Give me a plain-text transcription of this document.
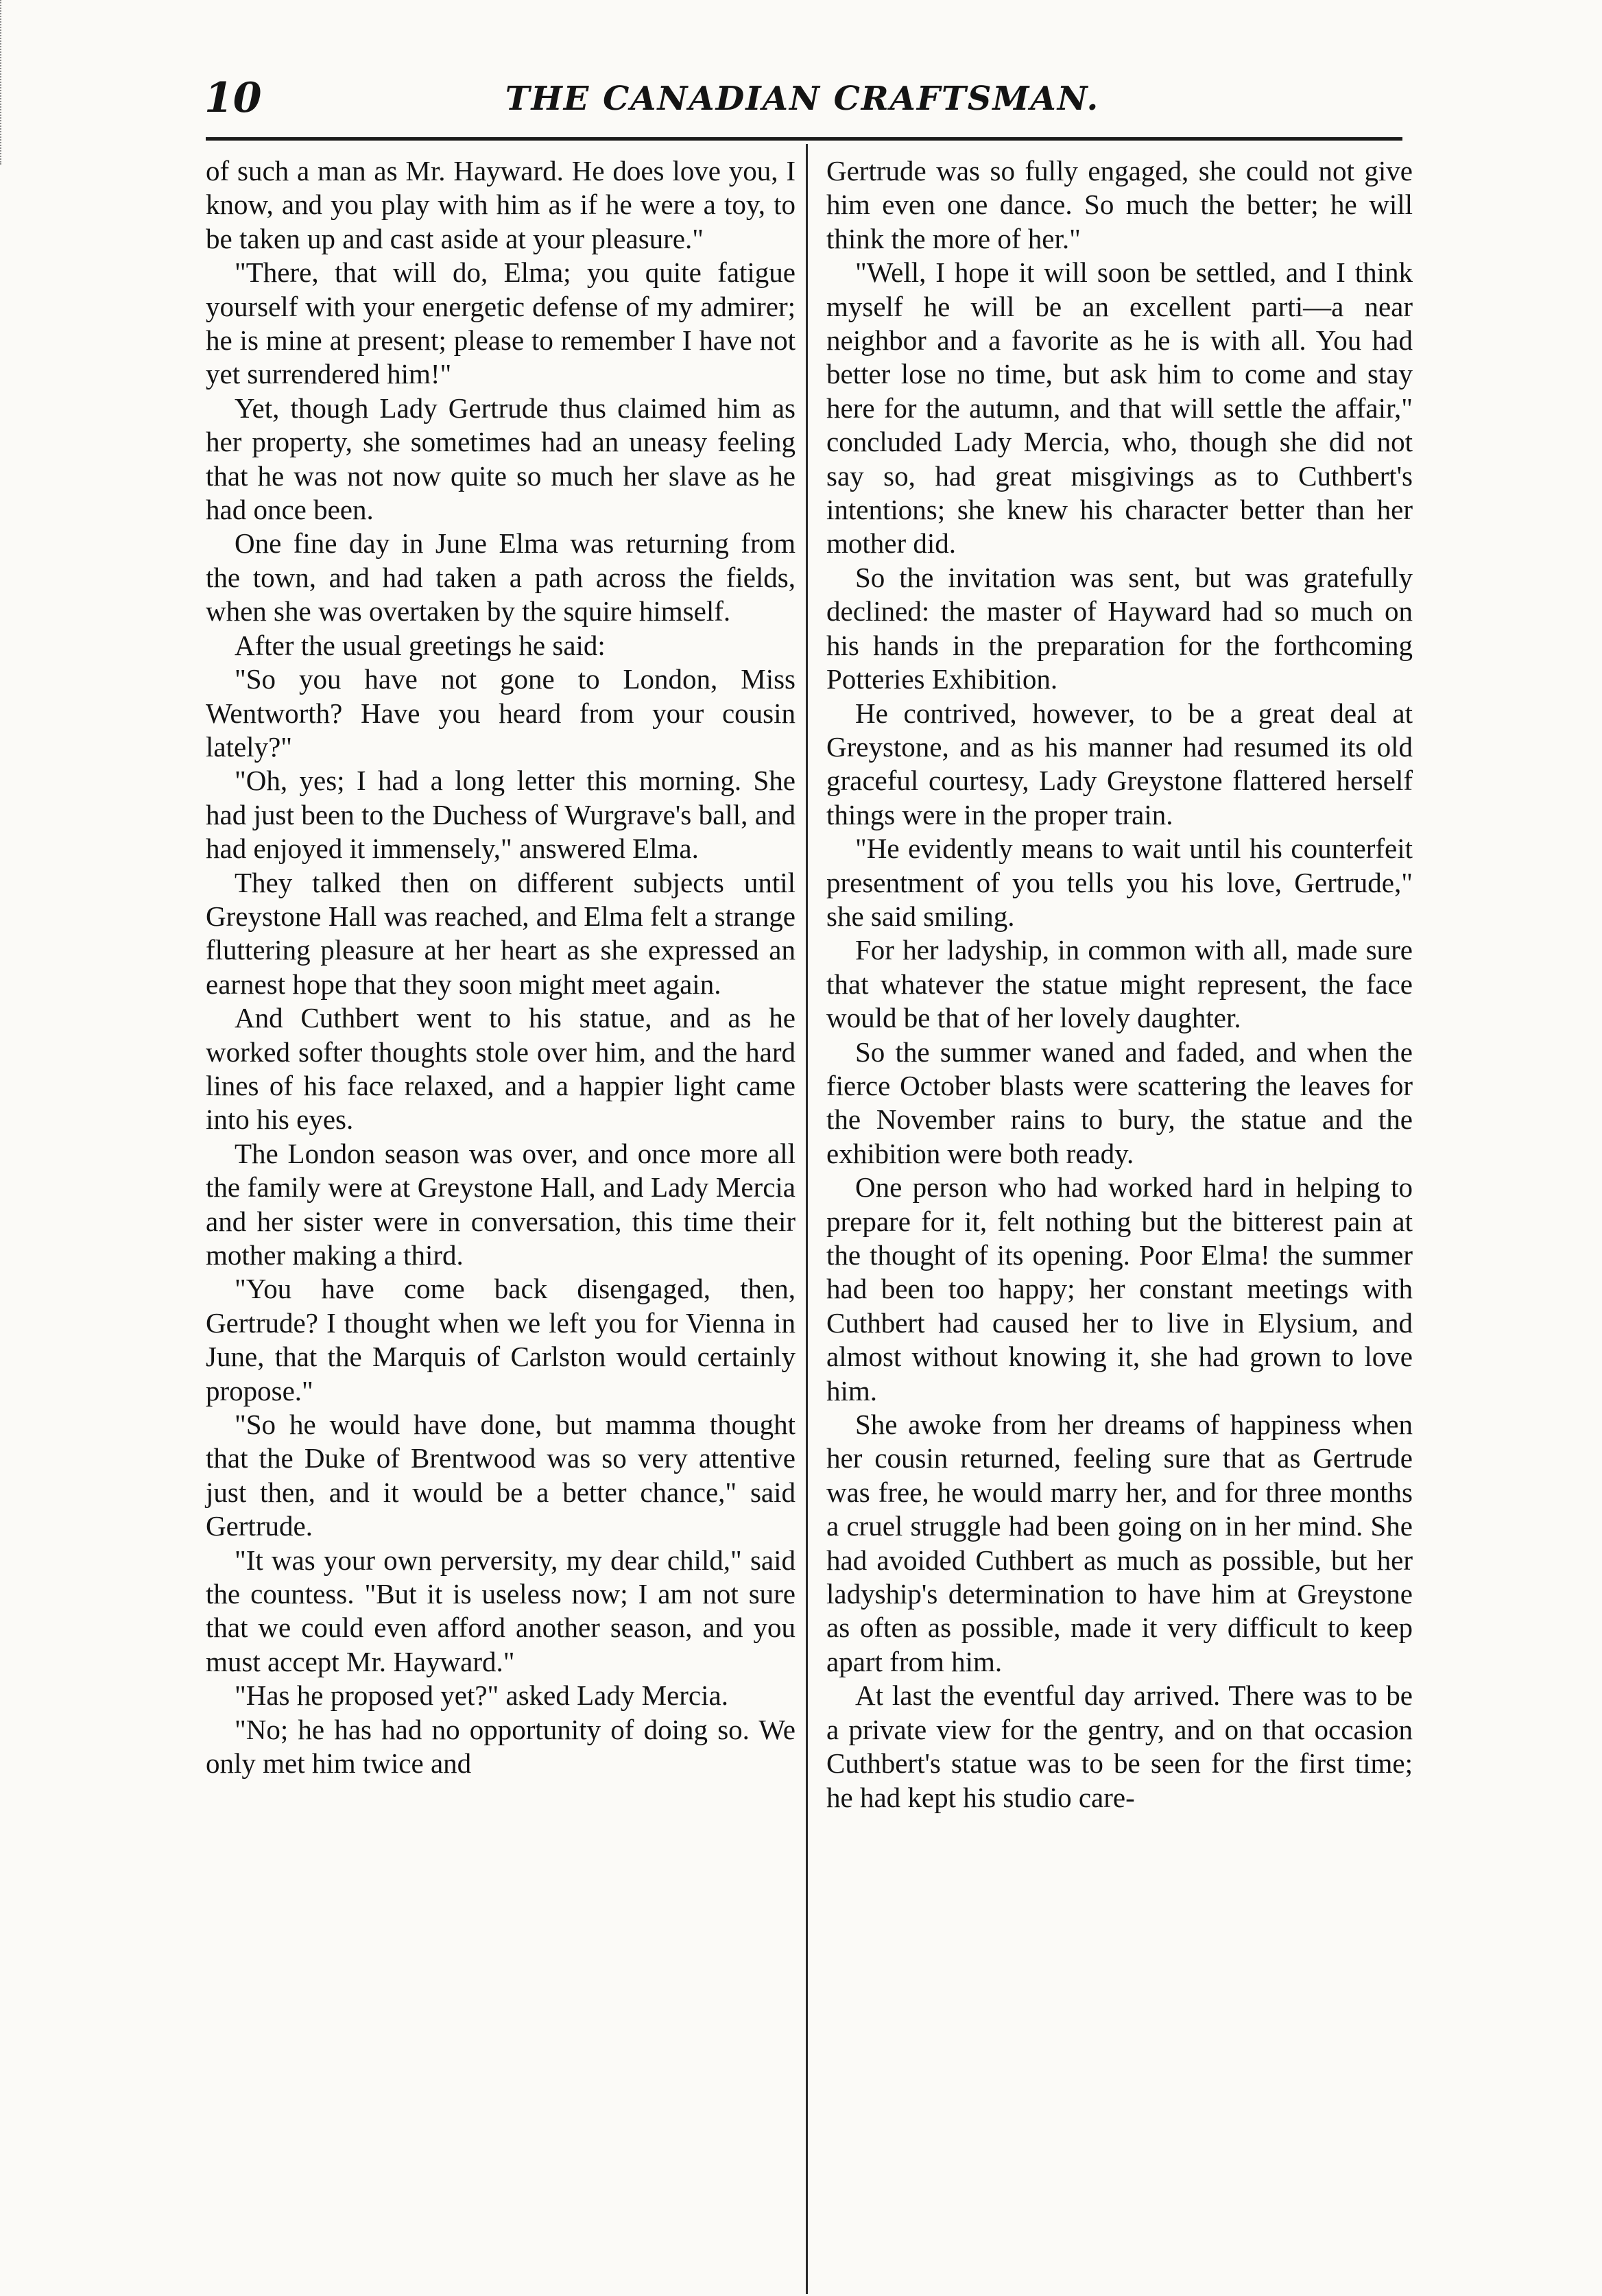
10	THE CANADIAN CRAFTSMAN.

of such a man as Mr. Hayward. He does love you, I know, and you play with him as if he were a toy, to be taken up and cast aside at your pleasure."

"There, that will do, Elma; you quite fatigue yourself with your energetic defense of my admirer; he is mine at present; please to remember I have not yet surrendered him!"

Yet, though Lady Gertrude thus claimed him as her property, she sometimes had an uneasy feeling that he was not now quite so much her slave as he had once been.

One fine day in June Elma was returning from the town, and had taken a path across the fields, when she was overtaken by the squire himself.

After the usual greetings he said:

"So you have not gone to London, Miss Wentworth? Have you heard from your cousin lately?"

"Oh, yes; I had a long letter this morning. She had just been to the Duchess of Wurgrave's ball, and had enjoyed it immensely," answered Elma.

They talked then on different subjects until Greystone Hall was reached, and Elma felt a strange fluttering pleasure at her heart as she expressed an earnest hope that they soon might meet again.

And Cuthbert went to his statue, and as he worked softer thoughts stole over him, and the hard lines of his face relaxed, and a happier light came into his eyes.

The London season was over, and once more all the family were at Greystone Hall, and Lady Mercia and her sister were in conversation, this time their mother making a third.

"You have come back disengaged, then, Gertrude? I thought when we left you for Vienna in June, that the Marquis of Carlston would certainly propose."

"So he would have done, but mamma thought that the Duke of Brentwood was so very attentive just then, and it would be a better chance," said Gertrude.

"It was your own perversity, my dear child," said the countess. "But it is useless now; I am not sure that we could even afford another season, and you must accept Mr. Hayward."

"Has he proposed yet?" asked Lady Mercia.

"No; he has had no opportunity of doing so. We only met him twice and

Gertrude was so fully engaged, she could not give him even one dance. So much the better; he will think the more of her."

"Well, I hope it will soon be settled, and I think myself he will be an excellent parti—a near neighbor and a favorite as he is with all. You had better lose no time, but ask him to come and stay here for the autumn, and that will settle the affair," concluded Lady Mercia, who, though she did not say so, had great misgivings as to Cuthbert's intentions; she knew his character better than her mother did.

So the invitation was sent, but was gratefully declined: the master of Hayward had so much on his hands in the preparation for the forthcoming Potteries Exhibition.

He contrived, however, to be a great deal at Greystone, and as his manner had resumed its old graceful courtesy, Lady Greystone flattered herself things were in the proper train.

"He evidently means to wait until his counterfeit presentment of you tells you his love, Gertrude," she said smiling.

For her ladyship, in common with all, made sure that whatever the statue might represent, the face would be that of her lovely daughter.

So the summer waned and faded, and when the fierce October blasts were scattering the leaves for the November rains to bury, the statue and the exhibition were both ready.

One person who had worked hard in helping to prepare for it, felt nothing but the bitterest pain at the thought of its opening. Poor Elma! the summer had been too happy; her constant meetings with Cuthbert had caused her to live in Elysium, and almost without knowing it, she had grown to love him.

She awoke from her dreams of happiness when her cousin returned, feeling sure that as Gertrude was free, he would marry her, and for three months a cruel struggle had been going on in her mind. She had avoided Cuthbert as much as possible, but her ladyship's determination to have him at Greystone as often as possible, made it very difficult to keep apart from him.

At last the eventful day arrived. There was to be a private view for the gentry, and on that occasion Cuthbert's statue was to be seen for the first time; he had kept his studio care-
